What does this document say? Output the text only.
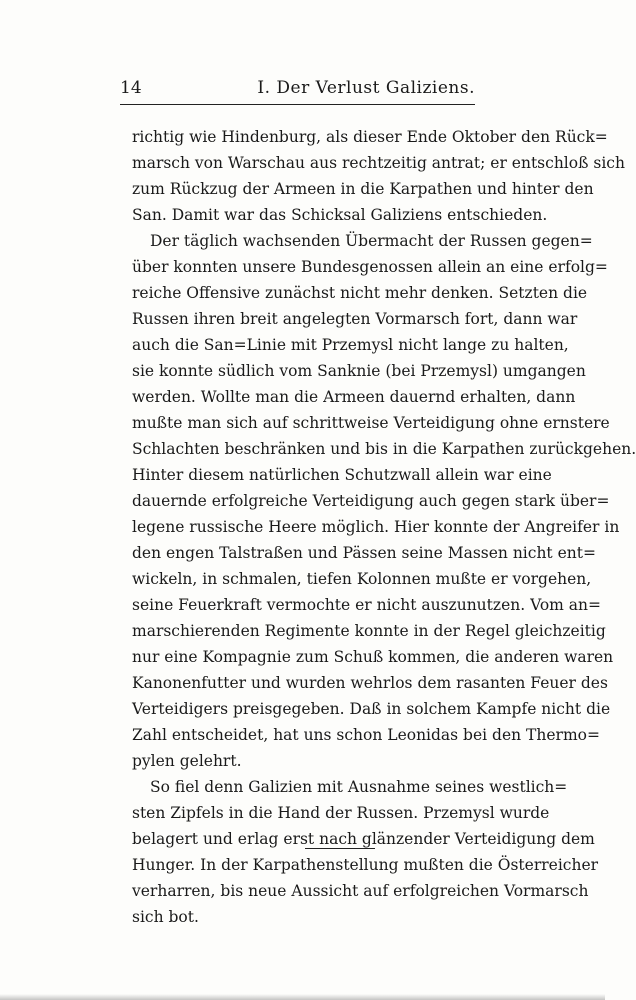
14	I. Der Verlust Galiziens.
richtig wie Hindenburg, als dieser Ende Oktober den Rück=
marsch von Warschau aus rechtzeitig antrat; er entschloß sich
zum Rückzug der Armeen in die Karpathen und hinter den
San. Damit war das Schicksal Galiziens entschieden.
Der täglich wachsenden Übermacht der Russen gegen=
über konnten unsere Bundesgenossen allein an eine erfolg=
reiche Offensive zunächst nicht mehr denken. Setzten die
Russen ihren breit angelegten Vormarsch fort, dann war
auch die San=Linie mit Przemysl nicht lange zu halten,
sie konnte südlich vom Sanknie (bei Przemysl) umgangen
werden. Wollte man die Armeen dauernd erhalten, dann
mußte man sich auf schrittweise Verteidigung ohne ernstere
Schlachten beschränken und bis in die Karpathen zurückgehen.
Hinter diesem natürlichen Schutzwall allein war eine
dauernde erfolgreiche Verteidigung auch gegen stark über=
legene russische Heere möglich. Hier konnte der Angreifer in
den engen Talstraßen und Pässen seine Massen nicht ent=
wickeln, in schmalen, tiefen Kolonnen mußte er vorgehen,
seine Feuerkraft vermochte er nicht auszunutzen. Vom an=
marschierenden Regimente konnte in der Regel gleichzeitig
nur eine Kompagnie zum Schuß kommen, die anderen waren
Kanonenfutter und wurden wehrlos dem rasanten Feuer des
Verteidigers preisgegeben. Daß in solchem Kampfe nicht die
Zahl entscheidet, hat uns schon Leonidas bei den Thermo=
pylen gelehrt.
So fiel denn Galizien mit Ausnahme seines westlich=
sten Zipfels in die Hand der Russen. Przemysl wurde
belagert und erlag erst nach glänzender Verteidigung dem
Hunger. In der Karpathenstellung mußten die Österreicher
verharren, bis neue Aussicht auf erfolgreichen Vormarsch
sich bot.
